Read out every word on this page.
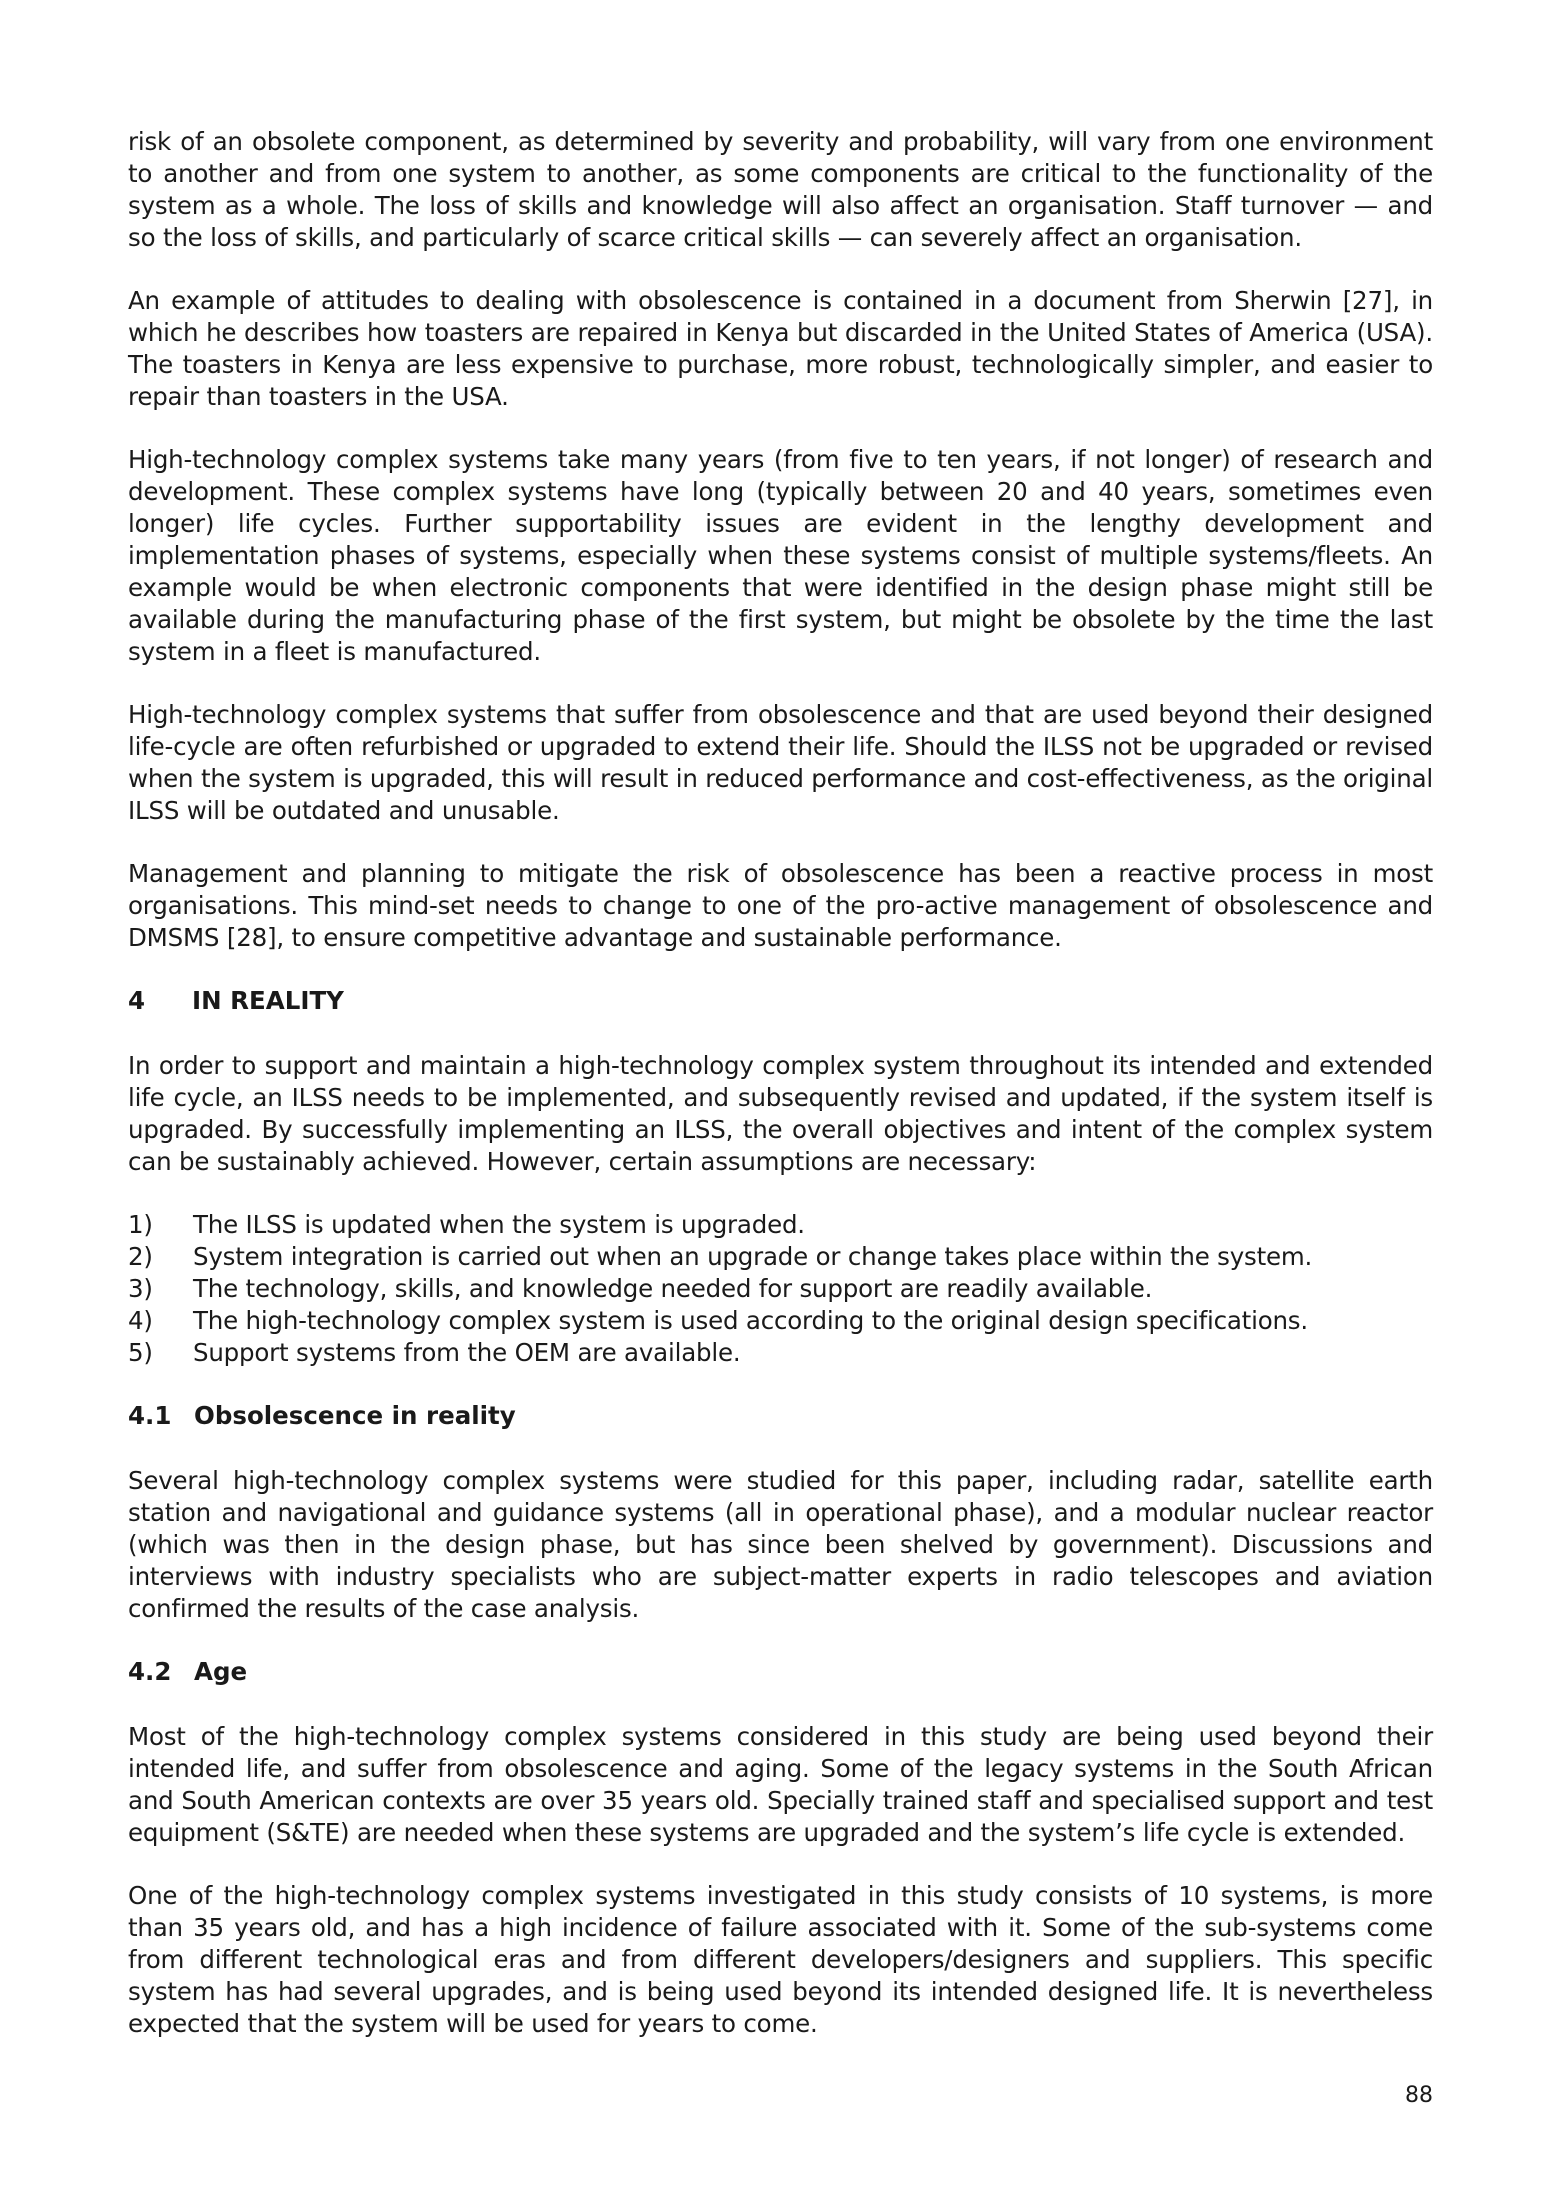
risk of an obsolete component, as determined by severity and probability, will vary from one environment to another and from one system to another, as some components are critical to the functionality of the system as a whole. The loss of skills and knowledge will also affect an organisation. Staff turnover — and so the loss of skills, and particularly of scarce critical skills — can severely affect an organisation.

An example of attitudes to dealing with obsolescence is contained in a document from Sherwin [27], in which he describes how toasters are repaired in Kenya but discarded in the United States of America (USA). The toasters in Kenya are less expensive to purchase, more robust, technologically simpler, and easier to repair than toasters in the USA.

High-technology complex systems take many years (from five to ten years, if not longer) of research and development. These complex systems have long (typically between 20 and 40 years, sometimes even longer) life cycles. Further supportability issues are evident in the lengthy development and implementation phases of systems, especially when these systems consist of multiple systems/fleets. An example would be when electronic components that were identified in the design phase might still be available during the manufacturing phase of the first system, but might be obsolete by the time the last system in a fleet is manufactured.

High-technology complex systems that suffer from obsolescence and that are used beyond their designed life-cycle are often refurbished or upgraded to extend their life. Should the ILSS not be upgraded or revised when the system is upgraded, this will result in reduced performance and cost-effectiveness, as the original ILSS will be outdated and unusable.

Management and planning to mitigate the risk of obsolescence has been a reactive process in most organisations. This mind-set needs to change to one of the pro-active management of obsolescence and DMSMS [28], to ensure competitive advantage and sustainable performance.

4	IN REALITY

In order to support and maintain a high-technology complex system throughout its intended and extended life cycle, an ILSS needs to be implemented, and subsequently revised and updated, if the system itself is upgraded. By successfully implementing an ILSS, the overall objectives and intent of the complex system can be sustainably achieved. However, certain assumptions are necessary:

1)	The ILSS is updated when the system is upgraded.
2)	System integration is carried out when an upgrade or change takes place within the system.
3)	The technology, skills, and knowledge needed for support are readily available.
4)	The high-technology complex system is used according to the original design specifications.
5)	Support systems from the OEM are available.
4.1 Obsolescence in reality

Several high-technology complex systems were studied for this paper, including radar, satellite earth station and navigational and guidance systems (all in operational phase), and a modular nuclear reactor (which was then in the design phase, but has since been shelved by government). Discussions and interviews with industry specialists who are subject-matter experts in radio telescopes and aviation confirmed the results of the case analysis.

4.2 Age

Most of the high-technology complex systems considered in this study are being used beyond their intended life, and suffer from obsolescence and aging. Some of the legacy systems in the South African and South American contexts are over 35 years old. Specially trained staff and specialised support and test equipment (S&TE) are needed when these systems are upgraded and the system’s life cycle is extended.

One of the high-technology complex systems investigated in this study consists of 10 systems, is more than 35 years old, and has a high incidence of failure associated with it. Some of the sub-systems come from different technological eras and from different developers/designers and suppliers. This specific system has had several upgrades, and is being used beyond its intended designed life. It is nevertheless expected that the system will be used for years to come.

88
